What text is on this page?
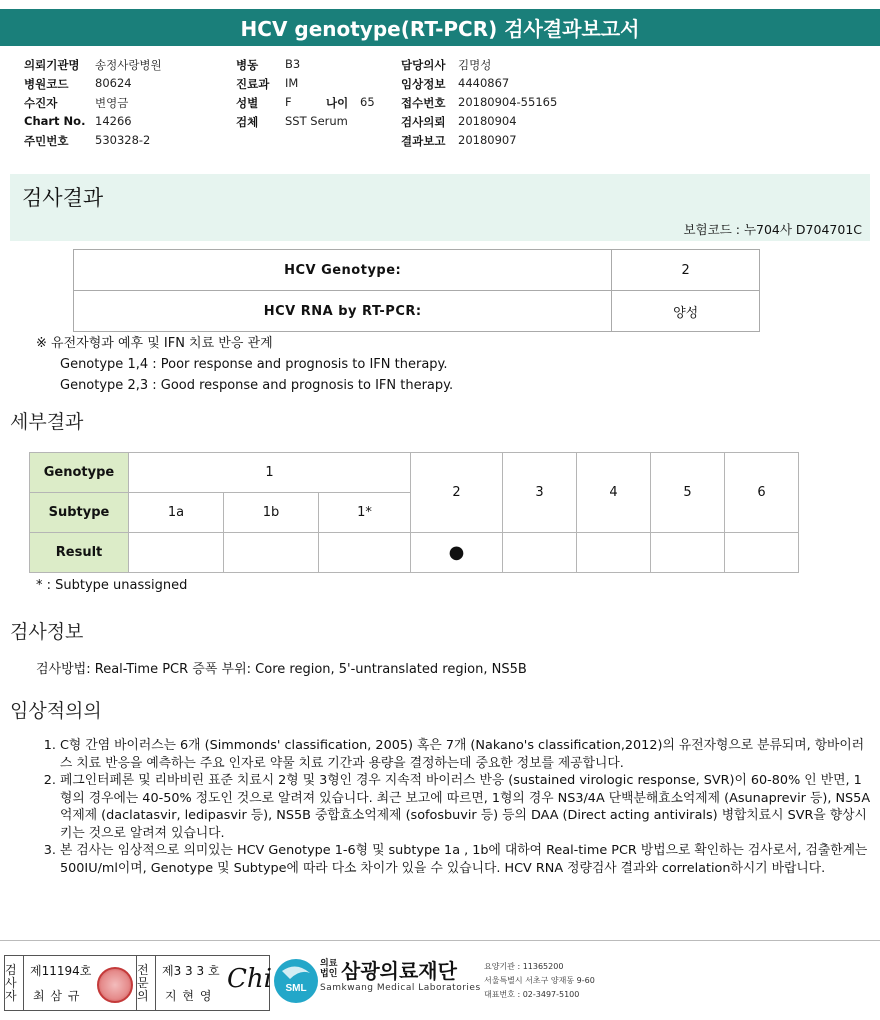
HCV genotype(RT-PCR) 검사결과보고서
의뢰기관명 송정사랑병원	병동 B3	담당의사 김명성
병원코드 80624	진료과 IM	임상정보 4440867
수진자	변영금	성별 F	나이 65 접수번호 20180904-55165
Chart No. 14266	검체 SST Serum	검사의뢰 20180904
주민번호 530328-2	결과보고 20180907
검사결과
보험코드 : 누704사 D704701C
HCV Genotype:	2
HCV RNA by RT-PCR:	양성
※ 유전자형과 예후 및 IFN 치료 반응 관계
Genotype 1,4 : Poor response and prognosis to IFN therapy.
Genotype 2,3 : Good response and prognosis to IFN therapy.
세부결과
Genotype	1			2	3	4	5	6
Subtype	1a	1b	1*					
Result				●				
* : Subtype unassigned
검사정보
검사방법: Real-Time PCR 증폭 부위: Core region, 5'-untranslated region, NS5B
임상적의의
1. C형 간염 바이러스는 6개 (Simmonds' classification, 2005) 혹은 7개 (Nakano's classification,2012)의 유전자형으로 분류되며, 항바이러스 치료 반응을 예측하는 주요 인자로 약물 치료 기간과 용량을 결정하는데 중요한 정보를 제공합니다.
2. 페그인터페론 및 리바비린 표준 치료시 2형 및 3형인 경우 지속적 바이러스 반응 (sustained virologic response, SVR)이 60-80% 인 반면, 1형의 경우에는 40-50% 정도인 것으로 알려져 있습니다. 최근 보고에 따르면, 1형의 경우 NS3/4A 단백분해효소억제제 (Asunaprevir 등), NS5A 억제제 (daclatasvir, ledipasvir 등), NS5B 중합효소억제제 (sofosbuvir 등) 등의 DAA (Direct acting antivirals) 병합치료시 SVR을 향상시키는 것으로 알려져 있습니다.
3. 본 검사는 임상적으로 의미있는 HCV Genotype 1-6형 및 subtype 1a , 1b에 대하여 Real-time PCR 방법으로 확인하는 검사로서, 검출한계는 500IU/ml이며, Genotype 및 Subtype에 따라 다소 차이가 있을 수 있습니다. HCV RNA 정량검사 결과와 correlation하시기 바랍니다.
검사자
제11194호
최 삼 규
전문의
제3 3 3 호
지 현 영
Chi SML
의료
법인 삼광의료재단
Samkwang Medical Laboratories
요양기관 : 11365200
서울특별시 서초구 양재동 9-60
대표번호 : 02-3497-5100
